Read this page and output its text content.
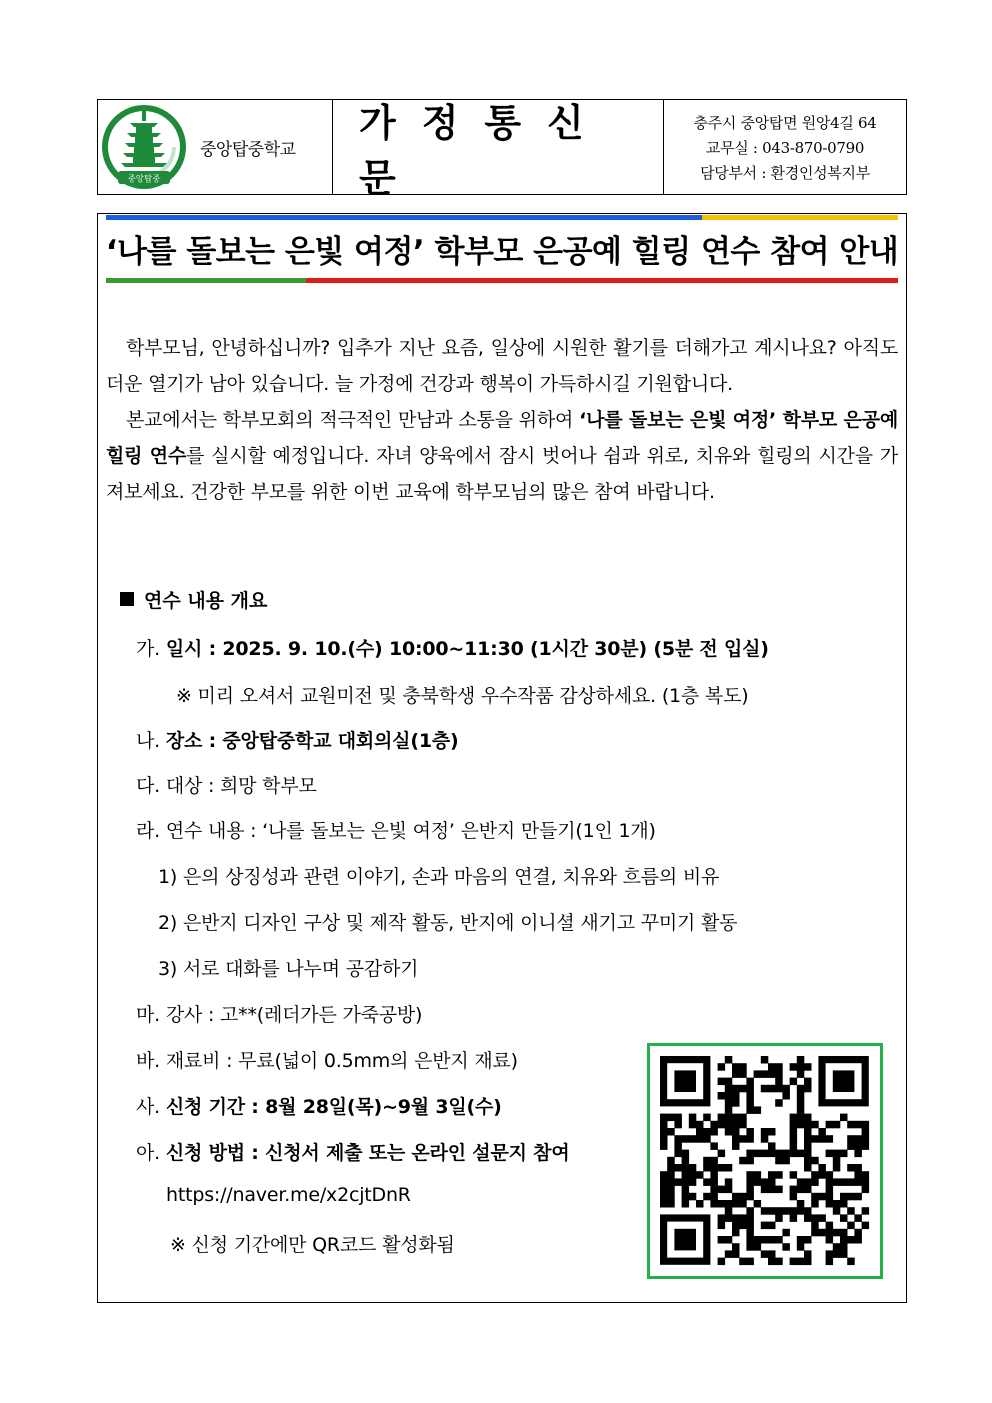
중앙탑중
중앙탑중학교
가정통신문
충주시 중앙탑면 원앙4길 64
교무실 : 043-870-0790
담당부서 : 환경인성복지부
‘나를 돌보는 은빛 여정’ 학부모 은공예 힐링 연수 참여 안내

학부모님, 안녕하십니까? 입추가 지난 요즘, 일상에 시원한 활기를 더해가고 계시나요? 아직도 더운 열기가 남아 있습니다. 늘 가정에 건강과 행복이 가득하시길 기원합니다.

본교에서는 학부모회의 적극적인 만남과 소통을 위하여 ‘나를 돌보는 은빛 여정’ 학부모 은공예 힐링 연수를 실시할 예정입니다. 자녀 양육에서 잠시 벗어나 쉼과 위로, 치유와 힐링의 시간을 가져보세요. 건강한 부모를 위한 이번 교육에 학부모님의 많은 참여 바랍니다.

연수 내용 개요
가. 일시 : 2025. 9. 10.(수) 10:00~11:30 (1시간 30분) (5분 전 입실)
※ 미리 오셔서 교원미전 및 충북학생 우수작품 감상하세요. (1층 복도)
나. 장소 : 중앙탑중학교 대회의실(1층)
다. 대상 : 희망 학부모
라. 연수 내용 : ‘나를 돌보는 은빛 여정’ 은반지 만들기(1인 1개)
1) 은의 상징성과 관련 이야기, 손과 마음의 연결, 치유와 흐름의 비유
2) 은반지 디자인 구상 및 제작 활동, 반지에 이니셜 새기고 꾸미기 활동
3) 서로 대화를 나누며 공감하기
마. 강사 : 고**(레더가든 가죽공방)
바. 재료비 : 무료(넓이 0.5mm의 은반지 재료)
사. 신청 기간 : 8월 28일(목)~9월 3일(수)
아. 신청 방법 : 신청서 제출 또는 온라인 설문지 참여
https://naver.me/x2cjtDnR
※ 신청 기간에만 QR코드 활성화됨
